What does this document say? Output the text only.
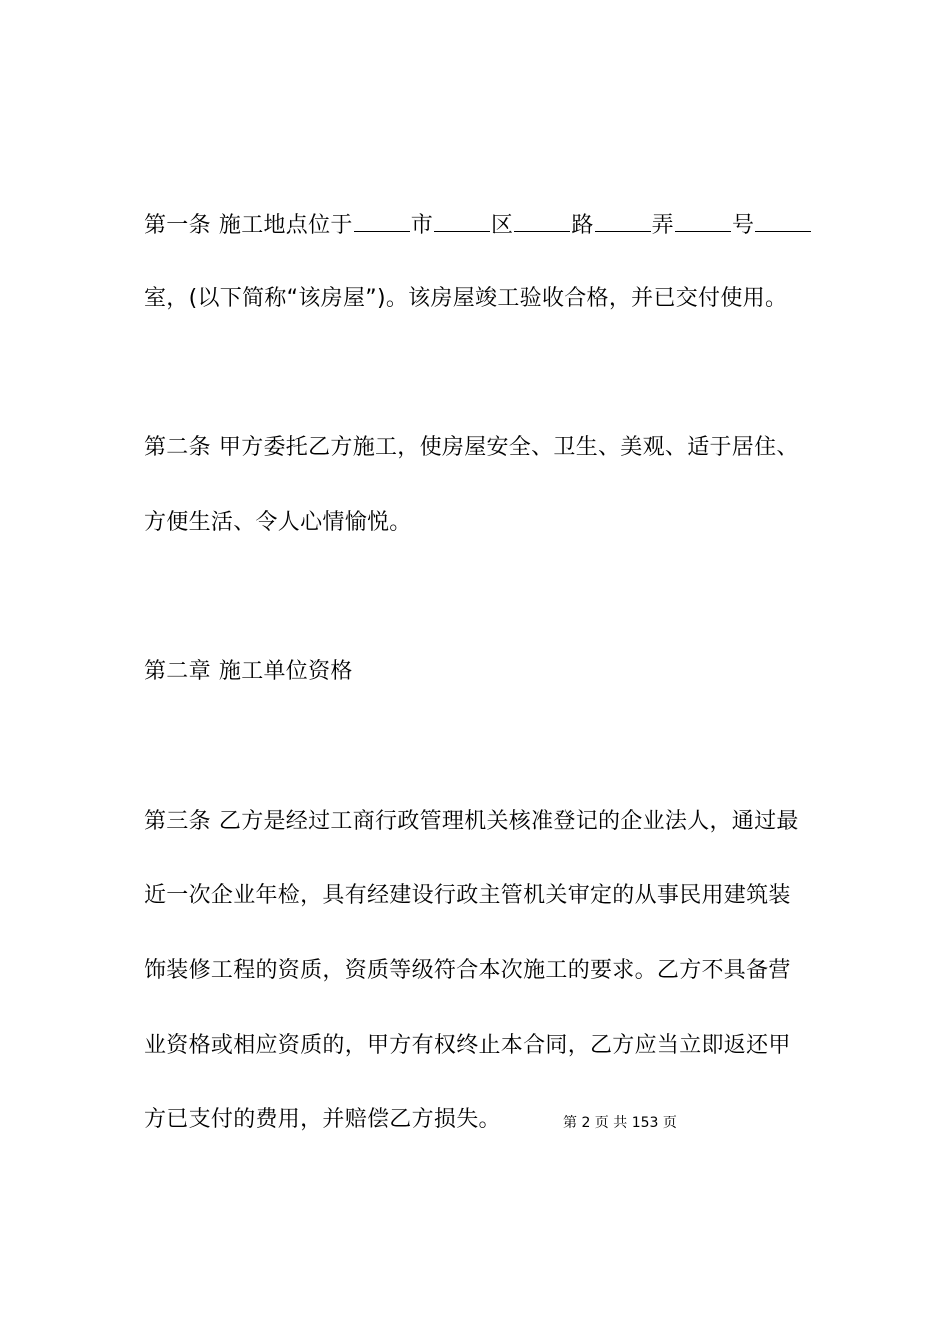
第一条 施工地点位于	市	区	路	弄	号
室，(以下简称“该房屋”)。该房屋竣工验收合格，并已交付使用。
第二条 甲方委托乙方施工，使房屋安全、卫生、美观、适于居住、
方便生活、令人心情愉悦。
第二章 施工单位资格
第三条 乙方是经过工商行政管理机关核准登记的企业法人，通过最
近一次企业年检，具有经建设行政主管机关审定的从事民用建筑装
饰装修工程的资质，资质等级符合本次施工的要求。乙方不具备营
业资格或相应资质的，甲方有权终止本合同，乙方应当立即返还甲
方已支付的费用，并赔偿乙方损失。	第 2 页 共 153 页
